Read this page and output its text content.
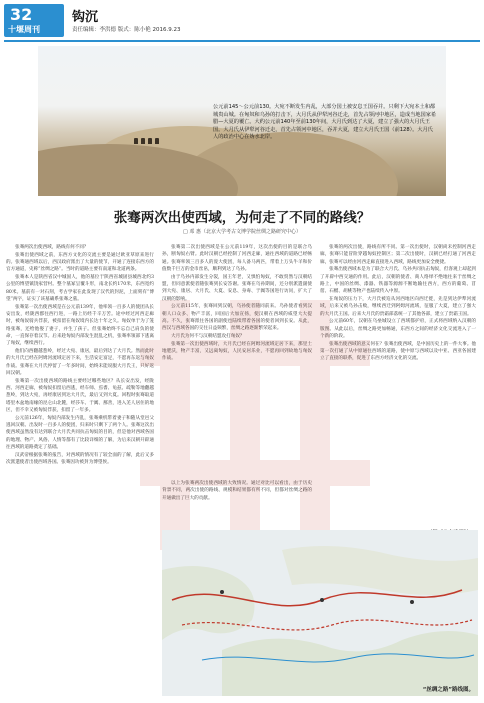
32
十堰周刊
钩沉
责任编辑：李洪德 版式：陈小艳 2016.9.23
公元前145～公元前130。大宛不断发生内乱，大部分国土被安息王国吞并。只剩下大宛本土和都城贵山城。在匈奴和乌孙的打击下，大月氏从伊犁河谷迁走，首先占领河中地区，造成当地国家希腊—大夏的覆亡。大约公元前140年至前130年间，大月氏到达了大夏，建立了强大的大月氏王国。大月氏从伊犁河谷迁走，首先占领河中地区，吞并大夏，建立大月氏王国（前128）。大月氏人的政治中心在妫水北岸。
张骞两次出使西域，为何走了不同的路线？
□ 邓 惠（北京大学考古文博学院丝绸之路研究中心）

张骞两次出使西域，路线有何不同？

张骞出使西域之前，东西方文化的交流主要是通过欧亚草原来进行的。张骞通西域以后，西汉政府派出了大量的使节，开通了连接东西方的官方通道，史称“丝绸之路”。当时的道路主要有南道和北道两条。

张骞本人是陕西省汉中城固人，他的墓位于陕西省城固县城西北约3公里的博望镇饶家营村。整个墓冢呈覆斗形，南北长约170米，东西宽约80米。墓前有一对石刻，考古学家在此发现了汉代的封泥，上面刻有“博望”两字，证实了该墓确系张骞之墓。

张骞第一次出使西域是在公元前139年，他率领一百多人的使团从长安出发，经陇西郡往西行进，一路上历经千辛万苦。途中经过河西走廊时，被匈奴骑兵俘获，被扣留在匈奴境内长达十年之久。匈奴单于为了笼络张骞，还给他娶了妻子，并生了孩子。但张骞始终不忘自己肩负的使命，一直保存着汉节。后来趁匈奴内部发生混乱之机，张骞率领部下逃离了匈奴，继续西行。

他们向西翻越葱岭，经过大宛、康居，最后到达了大月氏。然而此时的大月氏已经在阿姆河流域定居下来，生活安定富足，不愿再东返与匈奴作战。张骞在大月氏停留了一年多时间，始终未能说服大月氏王，只好返回汉朝。

张骞第一次出使西域的路线主要经过哪些地区？从长安出发，经陇西、河西走廊，被匈奴扣留后西逃，经车师、焉耆、龟兹、疏勒等地翻越葱岭，到达大宛，再经康居到达大月氏，最后又到大夏。回程时张骞取道塔里木盆地南缘的昆仑山北麓，经莎车、于阗、鄯善，进入羌人居住的地区，但不幸又被匈奴俘获，扣留了一年多。

公元前126年，匈奴内部发生内乱，张骞乘机带着妻子和随从堂邑父逃回汉朝。出发时一百多人的使团，归来时只剩下了两个人。张骞这次出使西域虽然没有达到联合大月氏共同抗击匈奴的目的，但是他对西域各国的地理、物产、风俗、人情等都有了比较详细的了解，为后来汉朝开辟通往西域的道路奠定了基础。

汉武帝根据张骞的报告，对西域的情况有了较全面的了解，此后又多次派遣使者出使西域各国。张骞因功被封为博望侯。

张骞第二次出使西域是在公元前119年，这次出使的目的是联合乌孙，断匈奴右臂。此时汉朝已经控制了河西走廊，通往西域的道路已经畅通。张骞率领三百多人的庞大使团，每人备马两匹，带着上万头牛羊和价值数千巨万的金币丝帛，顺利到达了乌孙。

由于乌孙内部发生分裂，国王年老，又惧怕匈奴，不敢贸然与汉朝结盟，但同意派使者随张骞到长安答谢。张骞在乌孙期间，还分别派遣副使到大宛、康居、大月氏、大夏、安息、身毒、于阗等国进行访问，扩大了汉朝的影响。

公元前115年，张骞回到汉朝，乌孙使者随同前来。乌孙使者看到汉朝人口众多、物产丰富，回国后大加宣扬，使汉朝在西域的威望大大提高。不久，张骞派往各国的副使也陆续带着各国的使者回到长安。从此，西汉与西域各国的交往日益频繁，丝绸之路逐渐繁荣起来。

大月氏为何不与汉朝结盟攻打匈奴？

张骞第一次出使西域时，大月氏已经在阿姆河流域定居下来，那里土地肥沃，物产丰富，又远离匈奴，人民安居乐业，不愿再回到故地与匈奴作战。

张骞的两次出使，路线有所不同。第一次出使时，汉朝尚未控制河西走廊，张骞只能冒险穿越匈奴控制区；第二次出使时，汉朝已经打通了河西走廊，张骞可以经由河西走廊直接进入西域，路线更加安全便捷。

张骞出使西域本是为了联合大月氏、乌孙共同抗击匈奴，但客观上却起到了开辟中西交通的作用。此后，汉朝的使者、商人络绎不绝地往来于丝绸之路上，中国的丝绸、漆器、铁器等源源不断地输往西方，西方的葡萄、苜蓿、石榴、胡桃等物产也陆续传入中原。

在匈奴的压力下，大月氏被迫从河西地区向西迁徙，先是到达伊犁河流域，后来又被乌孙击败，继续西迁到阿姆河流域，征服了大夏，建立了强大的大月氏王国。后来大月氏的贵霜部落统一了其他各部，建立了贵霜王国。

公元前60年，汉朝在乌垒城设立了西域都护府，正式将西域纳入汉朝的版图。从此以后，丝绸之路更加畅通，东西方之间的经济文化交流进入了一个新的阶段。

张骞出使西域的意义何在？张骞出使西域，是中国历史上的一件大事。他第一次打通了从中原通往西域的道路，使中原与西域以及中亚、西亚各国建立了直接的联系，促进了东西方经济文化的交流。

以上为张骞两次出使西域的大致情况。通过对比可以看出，由于历史背景不同，两次出使的路线、规模和结果都有所不同，但都对丝绸之路的开通做出了巨大的贡献。

“丝绸之路”路线图。
